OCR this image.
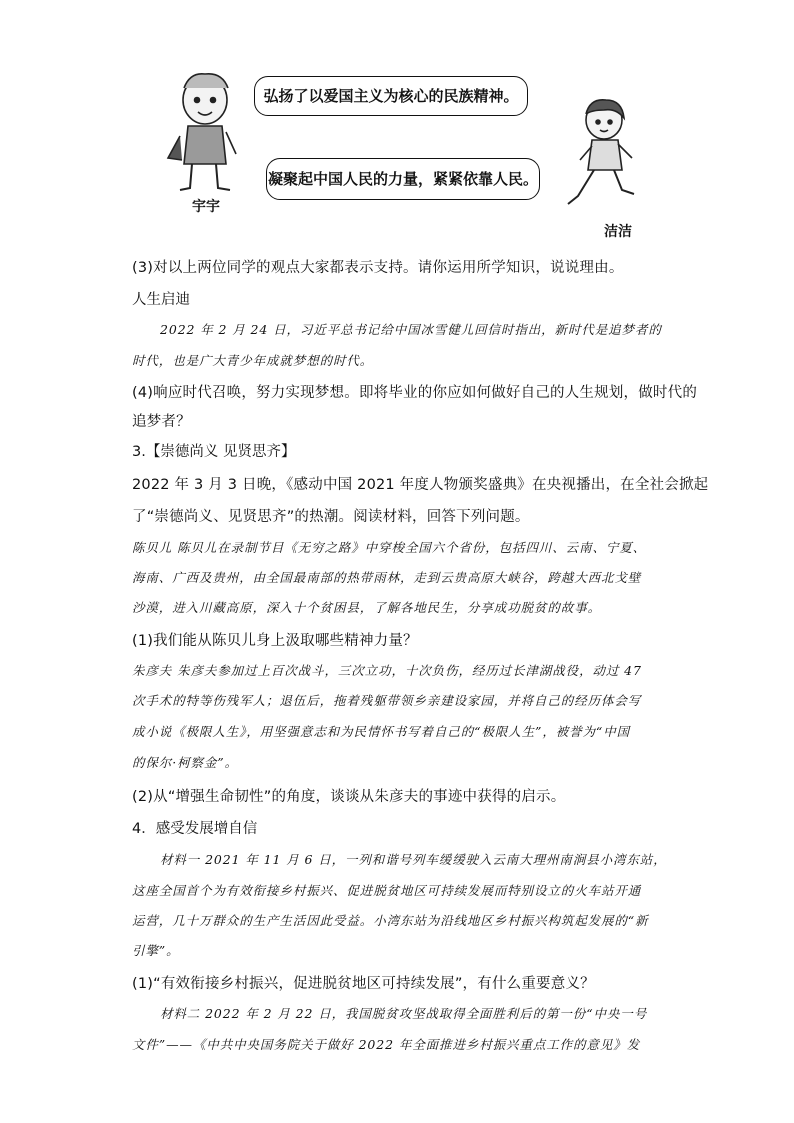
宇宇
弘扬了以爱国主义为核心的民族精神。
凝聚起中国人民的力量，紧紧依靠人民。
洁洁
(3)对以上两位同学的观点大家都表示支持。请你运用所学知识，说说理由。
人生启迪
2022 年 2 月 24 日，习近平总书记给中国冰雪健儿回信时指出，新时代是追梦者的
时代，也是广大青少年成就梦想的时代。
(4)响应时代召唤，努力实现梦想。即将毕业的你应如何做好自己的人生规划，做时代的
追梦者？
3.【崇德尚义 见贤思齐】
2022 年 3 月 3 日晚，《感动中国 2021 年度人物颁奖盛典》在央视播出，在全社会掀起
了“崇德尚义、见贤思齐”的热潮。阅读材料，回答下列问题。
陈贝儿 陈贝儿在录制节目《无穷之路》中穿梭全国六个省份，包括四川、云南、宁夏、
海南、广西及贵州，由全国最南部的热带雨林，走到云贵高原大峡谷，跨越大西北戈壁
沙漠，进入川藏高原，深入十个贫困县，了解各地民生，分享成功脱贫的故事。
(1)我们能从陈贝儿身上汲取哪些精神力量？
朱彦夫 朱彦夫参加过上百次战斗，三次立功，十次负伤，经历过长津湖战役，动过 47
次手术的特等伤残军人；退伍后，拖着残躯带领乡亲建设家园，并将自己的经历体会写
成小说《极限人生》，用坚强意志和为民情怀书写着自己的“极限人生”，被誉为“中国
的保尔·柯察金”。
(2)从“增强生命韧性”的角度，谈谈从朱彦夫的事迹中获得的启示。
4．感受发展增自信
材料一 2021 年 11 月 6 日，一列和谐号列车缓缓驶入云南大理州南涧县小湾东站，
这座全国首个为有效衔接乡村振兴、促进脱贫地区可持续发展而特别设立的火车站开通
运营，几十万群众的生产生活因此受益。小湾东站为沿线地区乡村振兴构筑起发展的“新
引擎”。
(1)“有效衔接乡村振兴，促进脱贫地区可持续发展”，有什么重要意义？
材料二 2022 年 2 月 22 日，我国脱贫攻坚战取得全面胜利后的第一份“中央一号
文件”——《中共中央国务院关于做好 2022 年全面推进乡村振兴重点工作的意见》发
